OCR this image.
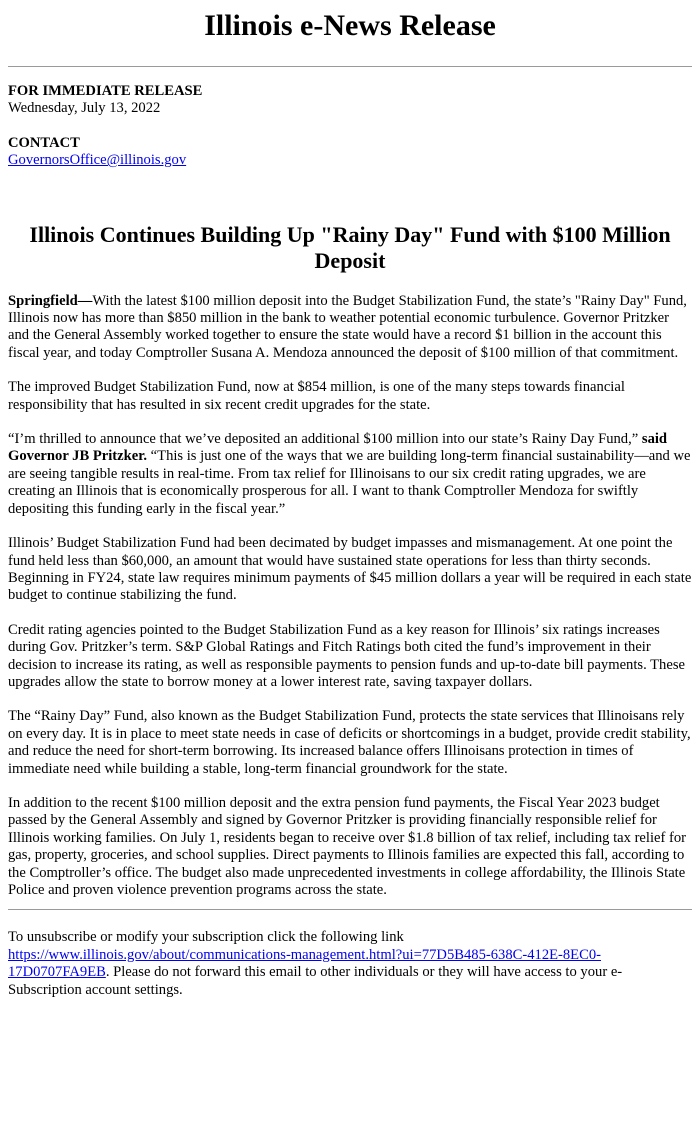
Illinois e-News Release
FOR IMMEDIATE RELEASE
Wednesday, July 13, 2022
CONTACT
GovernorsOffice@illinois.gov
Illinois Continues Building Up "Rainy Day" Fund with $100 Million Deposit

Springfield—With the latest $100 million deposit into the Budget Stabilization Fund, the state’s "Rainy Day" Fund, Illinois now has more than $850 million in the bank to weather potential economic turbulence. Governor Pritzker and the General Assembly worked together to ensure the state would have a record $1 billion in the account this fiscal year, and today Comptroller Susana A. Mendoza announced the deposit of $100 million of that commitment.

The improved Budget Stabilization Fund, now at $854 million, is one of the many steps towards financial responsibility that has resulted in six recent credit upgrades for the state.

“I’m thrilled to announce that we’ve deposited an additional $100 million into our state’s Rainy Day Fund,” said Governor JB Pritzker. “This is just one of the ways that we are building long-term financial sustainability—and we are seeing tangible results in real-time. From tax relief for Illinoisans to our six credit rating upgrades, we are creating an Illinois that is economically prosperous for all. I want to thank Comptroller Mendoza for swiftly depositing this funding early in the fiscal year.”

Illinois’ Budget Stabilization Fund had been decimated by budget impasses and mismanagement. At one point the fund held less than $60,000, an amount that would have sustained state operations for less than thirty seconds. Beginning in FY24, state law requires minimum payments of $45 million dollars a year will be required in each state budget to continue stabilizing the fund.

Credit rating agencies pointed to the Budget Stabilization Fund as a key reason for Illinois’ six ratings increases during Gov. Pritzker’s term. S&P Global Ratings and Fitch Ratings both cited the fund’s improvement in their decision to increase its rating, as well as responsible payments to pension funds and up-to-date bill payments. These upgrades allow the state to borrow money at a lower interest rate, saving taxpayer dollars.

The “Rainy Day” Fund, also known as the Budget Stabilization Fund, protects the state services that Illinoisans rely on every day. It is in place to meet state needs in case of deficits or shortcomings in a budget, provide credit stability, and reduce the need for short-term borrowing. Its increased balance offers Illinoisans protection in times of immediate need while building a stable, long-term financial groundwork for the state.

In addition to the recent $100 million deposit and the extra pension fund payments, the Fiscal Year 2023 budget passed by the General Assembly and signed by Governor Pritzker is providing financially responsible relief for Illinois working families. On July 1, residents began to receive over $1.8 billion of tax relief, including tax relief for gas, property, groceries, and school supplies. Direct payments to Illinois families are expected this fall, according to the Comptroller’s office. The budget also made unprecedented investments in college affordability, the Illinois State Police and proven violence prevention programs across the state.

To unsubscribe or modify your subscription click the following link
https://www.illinois.gov/about/communications-management.html?ui=77D5B485-638C-412E-8EC0-
17D0707FA9EB. Please do not forward this email to other individuals or they will have access to your e-Subscription account settings.
